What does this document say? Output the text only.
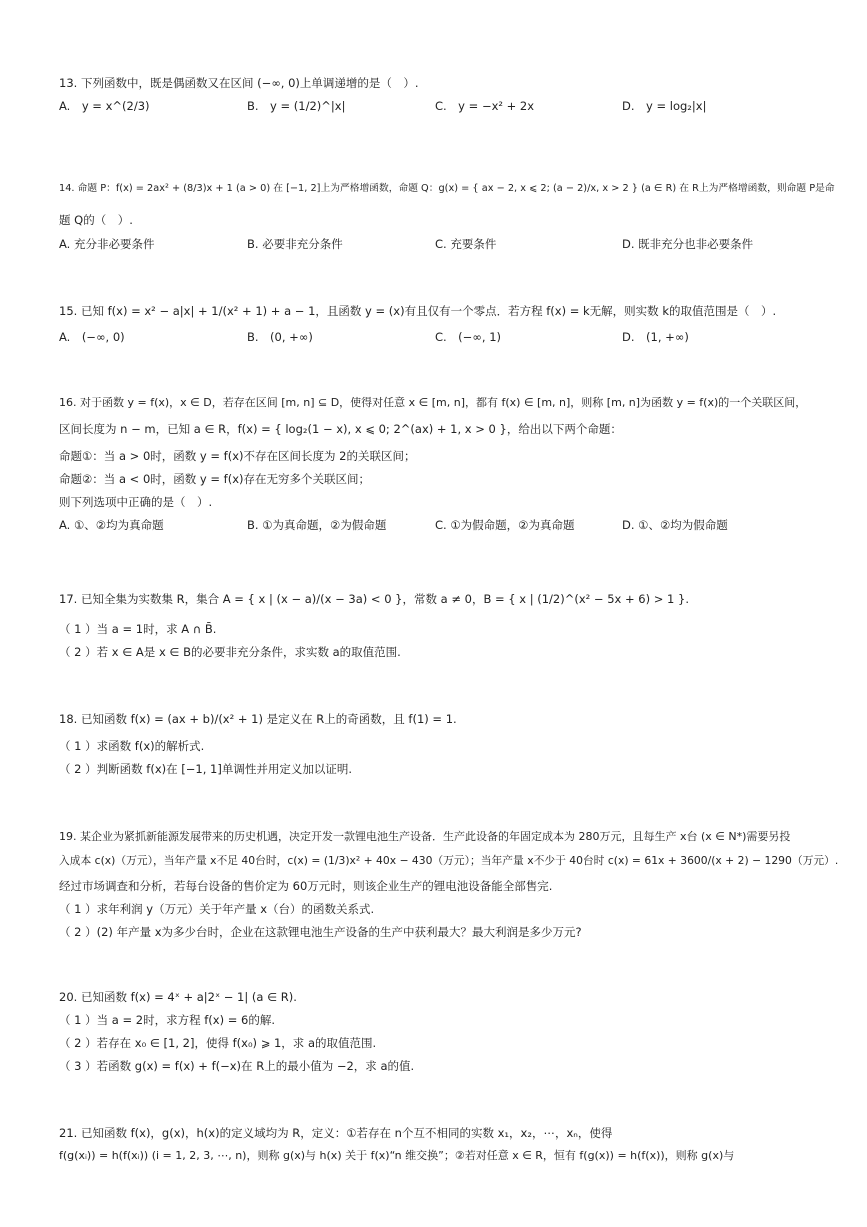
13. 下列函数中，既是偶函数又在区间 (−∞, 0)上单调递增的是（　）.
A.　y = x^(2/3)	B.　y = (1/2)^|x|	C.　y = −x² + 2x	D.　y = log₂|x|
14. 命题 P：f(x) = 2ax² + (8/3)x + 1 (a > 0) 在 [−1, 2]上为严格增函数，命题 Q：g(x) = { ax − 2, x ⩽ 2; (a − 2)/x, x > 2 } (a ∈ R) 在 R上为严格增函数，则命题 P是命
题 Q的（　）.
A. 充分非必要条件	B. 必要非充分条件	C. 充要条件	D. 既非充分也非必要条件
15. 已知 f(x) = x² − a|x| + 1/(x² + 1) + a − 1，且函数 y = (x)有且仅有一个零点．若方程 f(x) = k无解，则实数 k的取值范围是（　）.
A.　(−∞, 0)	B.　(0, +∞)	C.　(−∞, 1)	D.　(1, +∞)
16. 对于函数 y = f(x)，x ∈ D，若存在区间 [m, n] ⊆ D，使得对任意 x ∈ [m, n]，都有 f(x) ∈ [m, n]，则称 [m, n]为函数 y = f(x)的一个关联区间，
区间长度为 n − m，已知 a ∈ R，f(x) = { log₂(1 − x), x ⩽ 0; 2^(ax) + 1, x > 0 }，给出以下两个命题：
命题①：当 a > 0时，函数 y = f(x)不存在区间长度为 2的关联区间；
命题②：当 a < 0时，函数 y = f(x)存在无穷多个关联区间；
则下列选项中正确的是（　）.
A. ①、②均为真命题	B. ①为真命题，②为假命题	C. ①为假命题，②为真命题	D. ①、②均为假命题
17. 已知全集为实数集 R，集合 A = { x | (x − a)/(x − 3a) < 0 }，常数 a ≠ 0，B = { x | (1/2)^(x² − 5x + 6) > 1 }.
（ 1 ）当 a = 1时，求 A ∩ B̄.
（ 2 ）若 x ∈ A是 x ∈ B的必要非充分条件，求实数 a的取值范围.
18. 已知函数 f(x) = (ax + b)/(x² + 1) 是定义在 R上的奇函数，且 f(1) = 1.
（ 1 ）求函数 f(x)的解析式.
（ 2 ）判断函数 f(x)在 [−1, 1]单调性并用定义加以证明.
19. 某企业为紧抓新能源发展带来的历史机遇，决定开发一款锂电池生产设备．生产此设备的年固定成本为 280万元，且每生产 x台 (x ∈ N*)需要另投
入成本 c(x)（万元），当年产量 x不足 40台时，c(x) = (1/3)x² + 40x − 430（万元）；当年产量 x不少于 40台时 c(x) = 61x + 3600/(x + 2) − 1290（万元）.
经过市场调查和分析，若每台设备的售价定为 60万元时，则该企业生产的锂电池设备能全部售完.
（ 1 ）求年利润 y（万元）关于年产量 x（台）的函数关系式.
（ 2 ）(2) 年产量 x为多少台时，企业在这款锂电池生产设备的生产中获利最大？最大利润是多少万元?
20. 已知函数 f(x) = 4ˣ + a|2ˣ − 1| (a ∈ R).
（ 1 ）当 a = 2时，求方程 f(x) = 6的解.
（ 2 ）若存在 x₀ ∈ [1, 2]，使得 f(x₀) ⩾ 1，求 a的取值范围.
（ 3 ）若函数 g(x) = f(x) + f(−x)在 R上的最小值为 −2，求 a的值.
21. 已知函数 f(x)，g(x)，h(x)的定义域均为 R，定义：①若存在 n个互不相同的实数 x₁，x₂，⋯，xₙ，使得
f(g(xᵢ)) = h(f(xᵢ)) (i = 1, 2, 3, ⋯, n)，则称 g(x)与 h(x) 关于 f(x)“n 维交换”；②若对任意 x ∈ R，恒有 f(g(x)) = h(f(x))，则称 g(x)与
